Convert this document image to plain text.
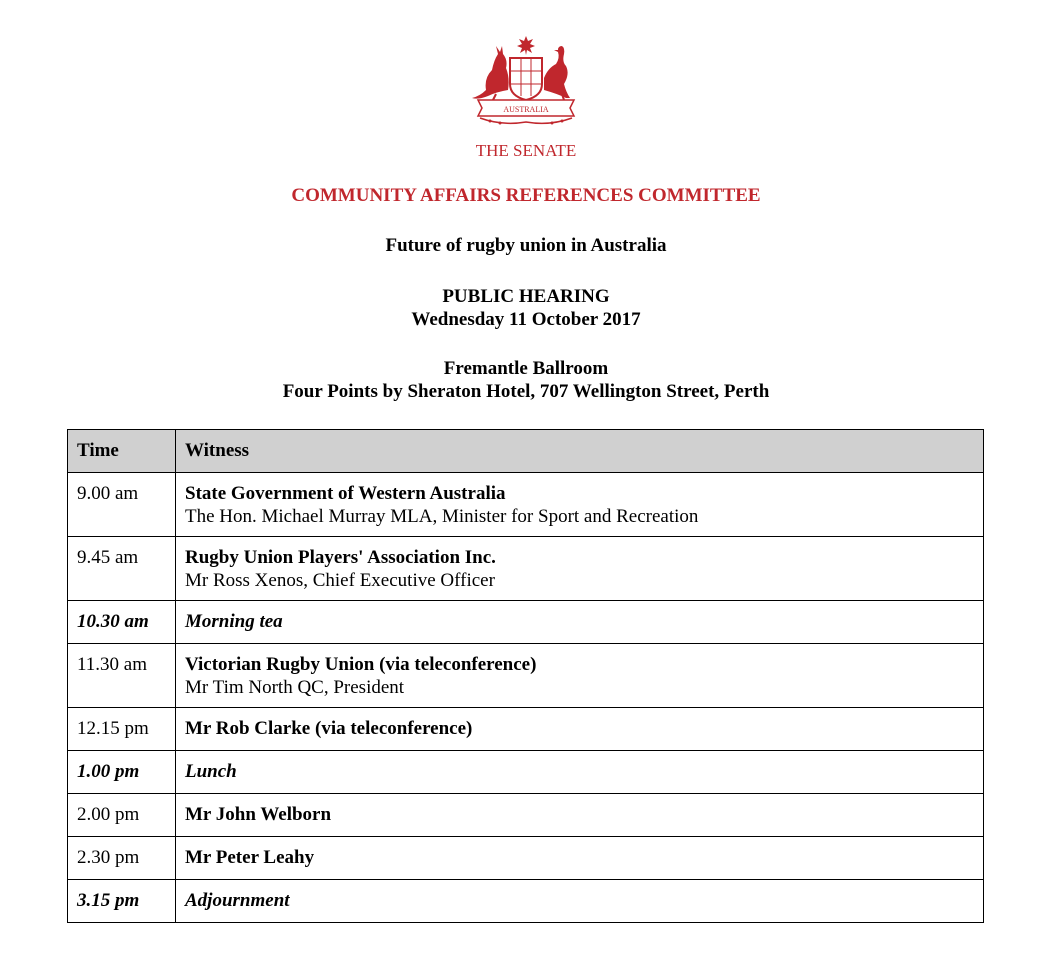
AUSTRALIA
THE SENATE
COMMUNITY AFFAIRS REFERENCES COMMITTEE
Future of rugby union in Australia
PUBLIC HEARING
Wednesday 11 October 2017
Fremantle Ballroom
Four Points by Sheraton Hotel, 707 Wellington Street, Perth
Time	Witness
9.00 am	State Government of Western Australia
The Hon. Michael Murray MLA, Minister for Sport and Recreation

9.45 am	Rugby Union Players' Association Inc.
Mr Ross Xenos, Chief Executive Officer

10.30 am	Morning tea
11.30 am	Victorian Rugby Union (via teleconference)
Mr Tim North QC, President

12.15 pm	Mr Rob Clarke (via teleconference)

1.00 pm	Lunch
2.00 pm	Mr John Welborn

2.30 pm	Mr Peter Leahy

3.15 pm	Adjournment
